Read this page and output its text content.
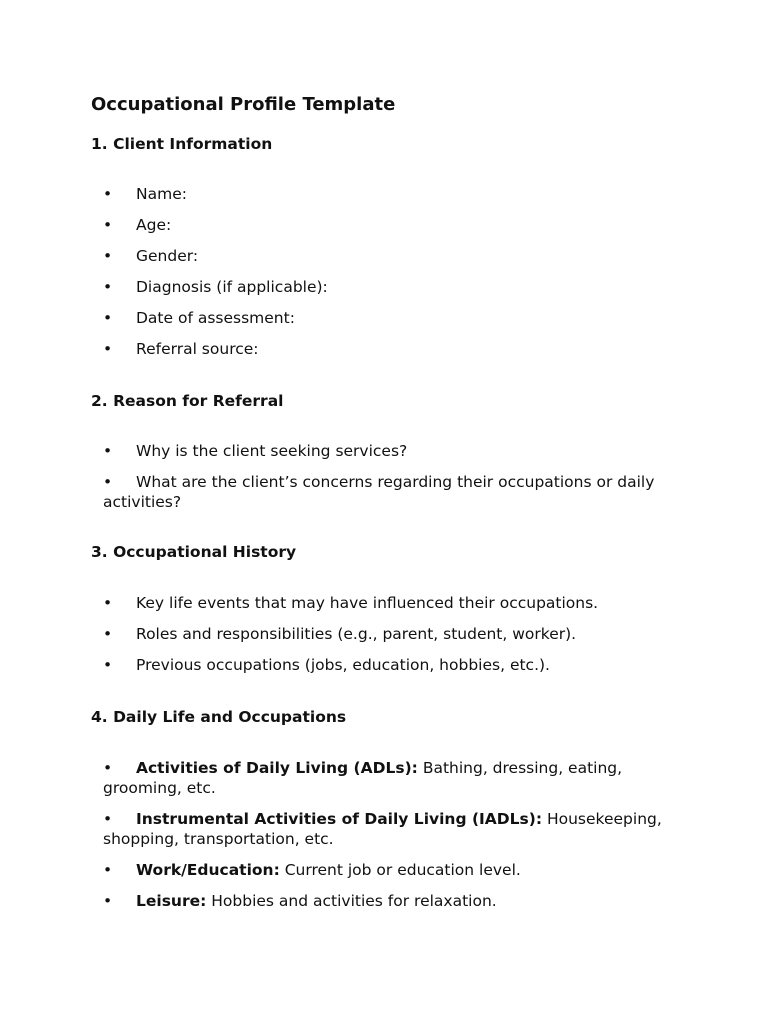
Occupational Profile Template
1. Client Information
• Name:
• Age:
• Gender:
• Diagnosis (if applicable):
• Date of assessment:
• Referral source:
2. Reason for Referral
• Why is the client seeking services?
• What are the client’s concerns regarding their occupations or daily activities?
3. Occupational History
• Key life events that may have influenced their occupations.
• Roles and responsibilities (e.g., parent, student, worker).
• Previous occupations (jobs, education, hobbies, etc.).
4. Daily Life and Occupations
• Activities of Daily Living (ADLs): Bathing, dressing, eating, grooming, etc.
• Instrumental Activities of Daily Living (IADLs): Housekeeping, shopping, transportation, etc.
• Work/Education: Current job or education level.
• Leisure: Hobbies and activities for relaxation.
